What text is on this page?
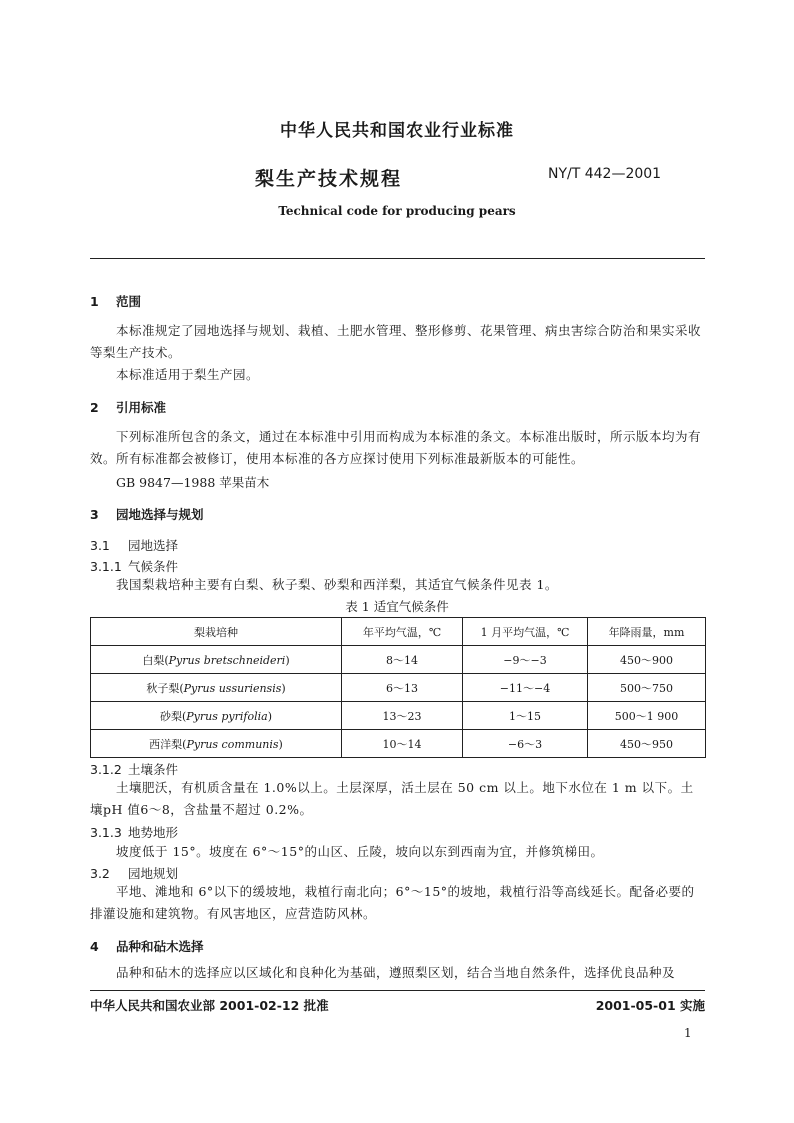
中华人民共和国农业行业标准
梨生产技术规程	NY/T 442—2001
Technical code for producing pears
1 范围
本标准规定了园地选择与规划、栽植、土肥水管理、整形修剪、花果管理、病虫害综合防治和果实采收等梨生产技术。
本标准适用于梨生产园。
2 引用标准
下列标准所包含的条文，通过在本标准中引用而构成为本标准的条文。本标准出版时，所示版本均为有效。所有标准都会被修订，使用本标准的各方应探讨使用下列标准最新版本的可能性。
GB 9847—1988 苹果苗木
3 园地选择与规划
3.1 园地选择
3.1.1 气候条件
我国梨栽培种主要有白梨、秋子梨、砂梨和西洋梨，其适宜气候条件见表 1。
表 1 适宜气候条件
梨栽培种	年平均气温，℃	1 月平均气温，℃	年降雨量，mm
白梨(Pyrus bretschneideri)	8～14	−9～−3	450～900
秋子梨(Pyrus ussuriensis)	6～13	−11～−4	500～750
砂梨(Pyrus pyrifolia)	13～23	1～15	500～1 900
西洋梨(Pyrus communis)	10～14	−6～3	450～950
3.1.2 土壤条件
土壤肥沃，有机质含量在 1.0%以上。土层深厚，活土层在 50 cm 以上。地下水位在 1 m 以下。土壤pH 值6～8，含盐量不超过 0.2%。
3.1.3 地势地形
坡度低于 15°。坡度在 6°～15°的山区、丘陵，坡向以东到西南为宜，并修筑梯田。
3.2 园地规划
平地、滩地和 6°以下的缓坡地，栽植行南北向；6°～15°的坡地，栽植行沿等高线延长。配备必要的排灌设施和建筑物。有风害地区，应营造防风林。
4 品种和砧木选择
品种和砧木的选择应以区域化和良种化为基础，遵照梨区划，结合当地自然条件，选择优良品种及
中华人民共和国农业部 2001-02-12 批准	2001-05-01 实施
1
